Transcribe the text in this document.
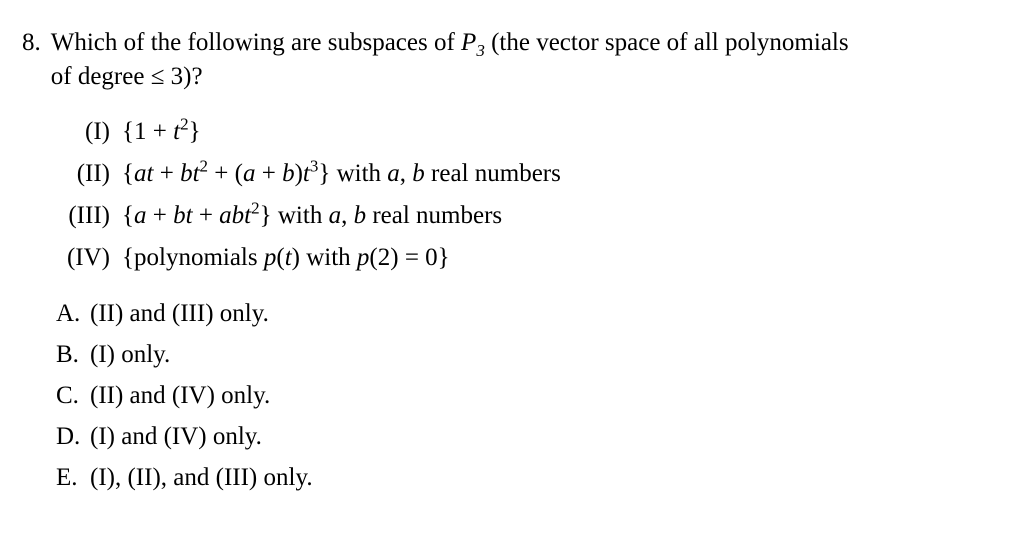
8. Which of the following are subspaces of $P_3$ (the vector space of all polynomials
of degree ≤ 3)?
(I) $\{1 + t^2\}$
(II) $\{at + bt^2 + (a + b)t^3\}$ with a, b real numbers
(III) {a + bt + abt$^2$} with a, b real numbers
(IV) {polynomials p(t) with p(2) = 0}
A. (II) and (III) only.
B. (I) only.
C. (II) and (IV) only.
D. (I) and (IV) only.
E. (I), (II), and (III) only.
